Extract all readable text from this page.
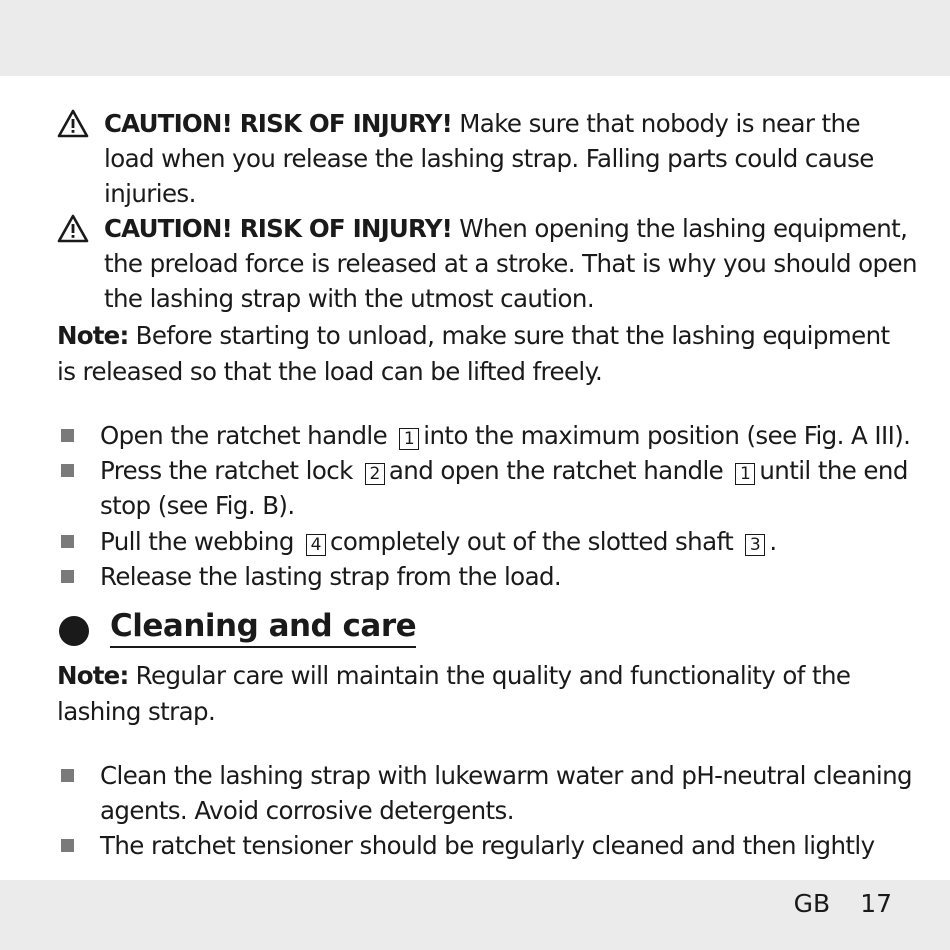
CAUTION! RISK OF INJURY! Make sure that nobody is near the load when you release the lashing strap. Falling parts could cause injuries.
CAUTION! RISK OF INJURY! When opening the lashing equipment, the preload force is released at a stroke. That is why you should open the lashing strap with the utmost caution.
Note: Before starting to unload, make sure that the lashing equipment is released so that the load can be lifted freely.
Open the ratchet handle 1 into the maximum position (see Fig. A III).
Press the ratchet lock 2 and open the ratchet handle 1 until the end stop (see Fig. B).
Pull the webbing 4 completely out of the slotted shaft 3 .
Release the lasting strap from the load.
Cleaning and care
Note: Regular care will maintain the quality and functionality of the lashing strap.
Clean the lashing strap with lukewarm water and pH-neutral cleaning agents. Avoid corrosive detergents.
The ratchet tensioner should be regularly cleaned and then lightly
GB 17
